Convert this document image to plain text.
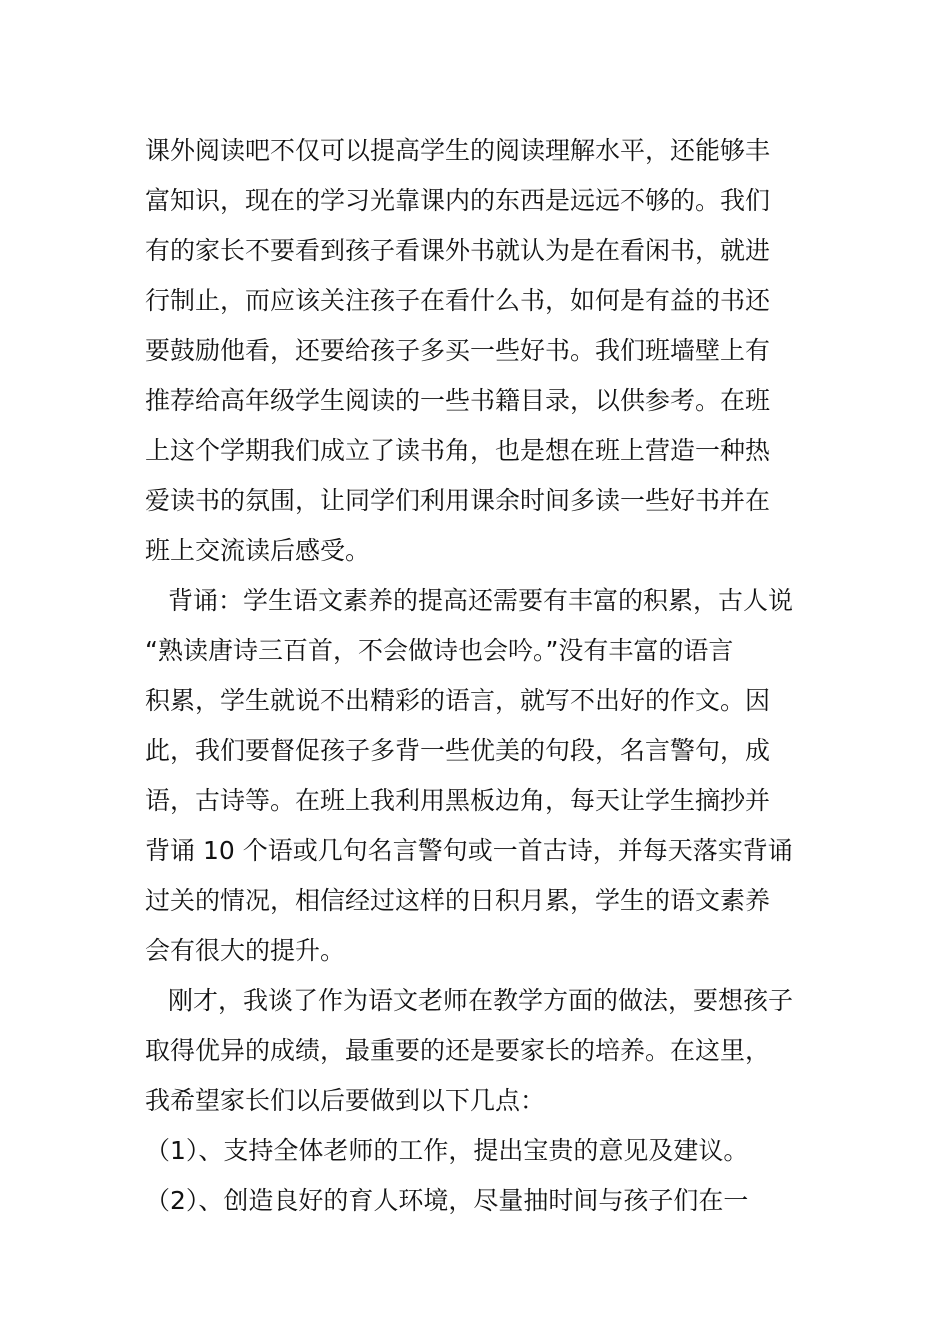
课外阅读吧不仅可以提高学生的阅读理解水平，还能够丰
富知识，现在的学习光靠课内的东西是远远不够的。我们
有的家长不要看到孩子看课外书就认为是在看闲书，就进
行制止，而应该关注孩子在看什么书，如何是有益的书还
要鼓励他看，还要给孩子多买一些好书。我们班墙壁上有
推荐给高年级学生阅读的一些书籍目录，以供参考。在班
上这个学期我们成立了读书角，也是想在班上营造一种热
爱读书的氛围，让同学们利用课余时间多读一些好书并在
班上交流读后感受。
背诵：学生语文素养的提高还需要有丰富的积累，古人说
“熟读唐诗三百首，不会做诗也会吟。”没有丰富的语言
积累，学生就说不出精彩的语言，就写不出好的作文。因
此，我们要督促孩子多背一些优美的句段，名言警句，成
语，古诗等。在班上我利用黑板边角，每天让学生摘抄并
背诵 10 个语或几句名言警句或一首古诗，并每天落实背诵
过关的情况，相信经过这样的日积月累，学生的语文素养
会有很大的提升。
刚才，我谈了作为语文老师在教学方面的做法，要想孩子
取得优异的成绩，最重要的还是要家长的培养。在这里，
我希望家长们以后要做到以下几点：
（1）、支持全体老师的工作，提出宝贵的意见及建议。
（2）、创造良好的育人环境，尽量抽时间与孩子们在一
